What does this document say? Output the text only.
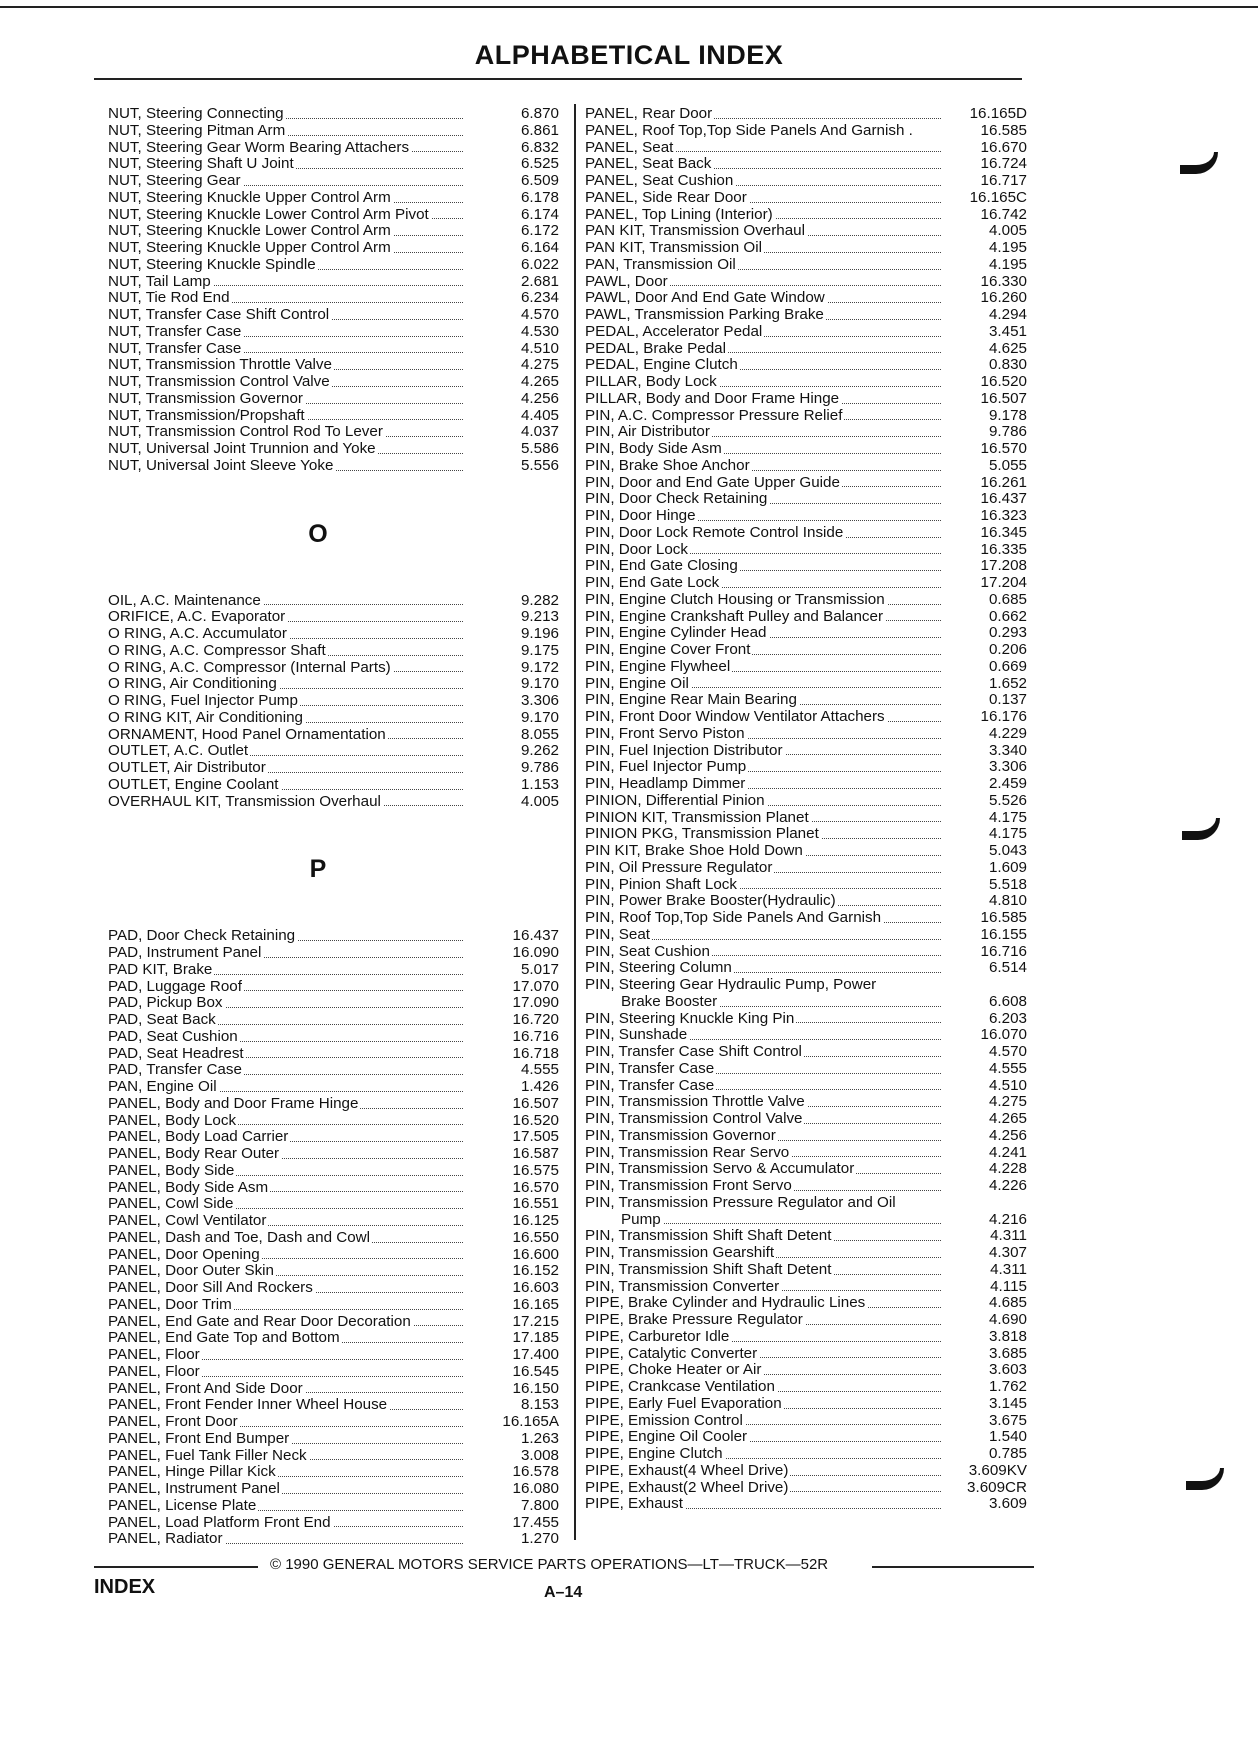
ALPHABETICAL INDEX
NUT, Steering Connecting	6.870
NUT, Steering Pitman Arm	6.861
NUT, Steering Gear Worm Bearing Attachers	6.832
NUT, Steering Shaft U Joint	6.525
NUT, Steering Gear	6.509
NUT, Steering Knuckle Upper Control Arm	6.178
NUT, Steering Knuckle Lower Control Arm Pivot	6.174
NUT, Steering Knuckle Lower Control Arm	6.172
NUT, Steering Knuckle Upper Control Arm	6.164
NUT, Steering Knuckle Spindle	6.022
NUT, Tail Lamp	2.681
NUT, Tie Rod End	6.234
NUT, Transfer Case Shift Control	4.570
NUT, Transfer Case	4.530
NUT, Transfer Case	4.510
NUT, Transmission Throttle Valve	4.275
NUT, Transmission Control Valve	4.265
NUT, Transmission Governor	4.256
NUT, Transmission/Propshaft	4.405
NUT, Transmission Control Rod To Lever	4.037
NUT, Universal Joint Trunnion and Yoke	5.586
NUT, Universal Joint Sleeve Yoke	5.556
O
OIL, A.C. Maintenance	9.282
ORIFICE, A.C. Evaporator	9.213
O RING, A.C. Accumulator	9.196
O RING, A.C. Compressor Shaft	9.175
O RING, A.C. Compressor (Internal Parts)	9.172
O RING, Air Conditioning	9.170
O RING, Fuel Injector Pump	3.306
O RING KIT, Air Conditioning	9.170
ORNAMENT, Hood Panel Ornamentation	8.055
OUTLET, A.C. Outlet	9.262
OUTLET, Air Distributor	9.786
OUTLET, Engine Coolant	1.153
OVERHAUL KIT, Transmission Overhaul	4.005
P
PAD, Door Check Retaining	16.437
PAD, Instrument Panel	16.090
PAD KIT, Brake	5.017
PAD, Luggage Roof	17.070
PAD, Pickup Box	17.090
PAD, Seat Back	16.720
PAD, Seat Cushion	16.716
PAD, Seat Headrest	16.718
PAD, Transfer Case	4.555
PAN, Engine Oil	1.426
PANEL, Body and Door Frame Hinge	16.507
PANEL, Body Lock	16.520
PANEL, Body Load Carrier	17.505
PANEL, Body Rear Outer	16.587
PANEL, Body Side	16.575
PANEL, Body Side Asm	16.570
PANEL, Cowl Side	16.551
PANEL, Cowl Ventilator	16.125
PANEL, Dash and Toe, Dash and Cowl	16.550
PANEL, Door Opening	16.600
PANEL, Door Outer Skin	16.152
PANEL, Door Sill And Rockers	16.603
PANEL, Door Trim	16.165
PANEL, End Gate and Rear Door Decoration	17.215
PANEL, End Gate Top and Bottom	17.185
PANEL, Floor	17.400
PANEL, Floor	16.545
PANEL, Front And Side Door	16.150
PANEL, Front Fender Inner Wheel House	8.153
PANEL, Front Door	16.165A
PANEL, Front End Bumper	1.263
PANEL, Fuel Tank Filler Neck	3.008
PANEL, Hinge Pillar Kick	16.578
PANEL, Instrument Panel	16.080
PANEL, License Plate	7.800
PANEL, Load Platform Front End	17.455
PANEL, Radiator	1.270
PANEL, Rear Door	16.165D
PANEL, Roof Top,Top Side Panels And Garnish .	16.585
PANEL, Seat	16.670
PANEL, Seat Back	16.724
PANEL, Seat Cushion	16.717
PANEL, Side Rear Door	16.165C
PANEL, Top Lining (Interior)	16.742
PAN KIT, Transmission Overhaul	4.005
PAN KIT, Transmission Oil	4.195
PAN, Transmission Oil	4.195
PAWL, Door	16.330
PAWL, Door And End Gate Window	16.260
PAWL, Transmission Parking Brake	4.294
PEDAL, Accelerator Pedal	3.451
PEDAL, Brake Pedal	4.625
PEDAL, Engine Clutch	0.830
PILLAR, Body Lock	16.520
PILLAR, Body and Door Frame Hinge	16.507
PIN, A.C. Compressor Pressure Relief	9.178
PIN, Air Distributor	9.786
PIN, Body Side Asm	16.570
PIN, Brake Shoe Anchor	5.055
PIN, Door and End Gate Upper Guide	16.261
PIN, Door Check Retaining	16.437
PIN, Door Hinge	16.323
PIN, Door Lock Remote Control Inside	16.345
PIN, Door Lock	16.335
PIN, End Gate Closing	17.208
PIN, End Gate Lock	17.204
PIN, Engine Clutch Housing or Transmission	0.685
PIN, Engine Crankshaft Pulley and Balancer	0.662
PIN, Engine Cylinder Head	0.293
PIN, Engine Cover Front	0.206
PIN, Engine Flywheel	0.669
PIN, Engine Oil	1.652
PIN, Engine Rear Main Bearing	0.137
PIN, Front Door Window Ventilator Attachers	16.176
PIN, Front Servo Piston	4.229
PIN, Fuel Injection Distributor	3.340
PIN, Fuel Injector Pump	3.306
PIN, Headlamp Dimmer	2.459
PINION, Differential Pinion	5.526
PINION KIT, Transmission Planet	4.175
PINION PKG, Transmission Planet	4.175
PIN KIT, Brake Shoe Hold Down	5.043
PIN, Oil Pressure Regulator	1.609
PIN, Pinion Shaft Lock	5.518
PIN, Power Brake Booster(Hydraulic)	4.810
PIN, Roof Top,Top Side Panels And Garnish	16.585
PIN, Seat	16.155
PIN, Seat Cushion	16.716
PIN, Steering Column	6.514
PIN, Steering Gear Hydraulic Pump, Power
Brake Booster	6.608
PIN, Steering Knuckle King Pin	6.203
PIN, Sunshade	16.070
PIN, Transfer Case Shift Control	4.570
PIN, Transfer Case	4.555
PIN, Transfer Case	4.510
PIN, Transmission Throttle Valve	4.275
PIN, Transmission Control Valve	4.265
PIN, Transmission Governor	4.256
PIN, Transmission Rear Servo	4.241
PIN, Transmission Servo & Accumulator	4.228
PIN, Transmission Front Servo	4.226
PIN, Transmission Pressure Regulator and Oil
Pump	4.216
PIN, Transmission Shift Shaft Detent	4.311
PIN, Transmission Gearshift	4.307
PIN, Transmission Shift Shaft Detent	4.311
PIN, Transmission Converter	4.115
PIPE, Brake Cylinder and Hydraulic Lines	4.685
PIPE, Brake Pressure Regulator	4.690
PIPE, Carburetor Idle	3.818
PIPE, Catalytic Converter	3.685
PIPE, Choke Heater or Air	3.603
PIPE, Crankcase Ventilation	1.762
PIPE, Early Fuel Evaporation	3.145
PIPE, Emission Control	3.675
PIPE, Engine Oil Cooler	1.540
PIPE, Engine Clutch	0.785
PIPE, Exhaust(4 Wheel Drive)	3.609KV
PIPE, Exhaust(2 Wheel Drive)	3.609CR
PIPE, Exhaust	3.609
© 1990 GENERAL MOTORS SERVICE PARTS OPERATIONS—LT—TRUCK—52R
INDEX	A–14
